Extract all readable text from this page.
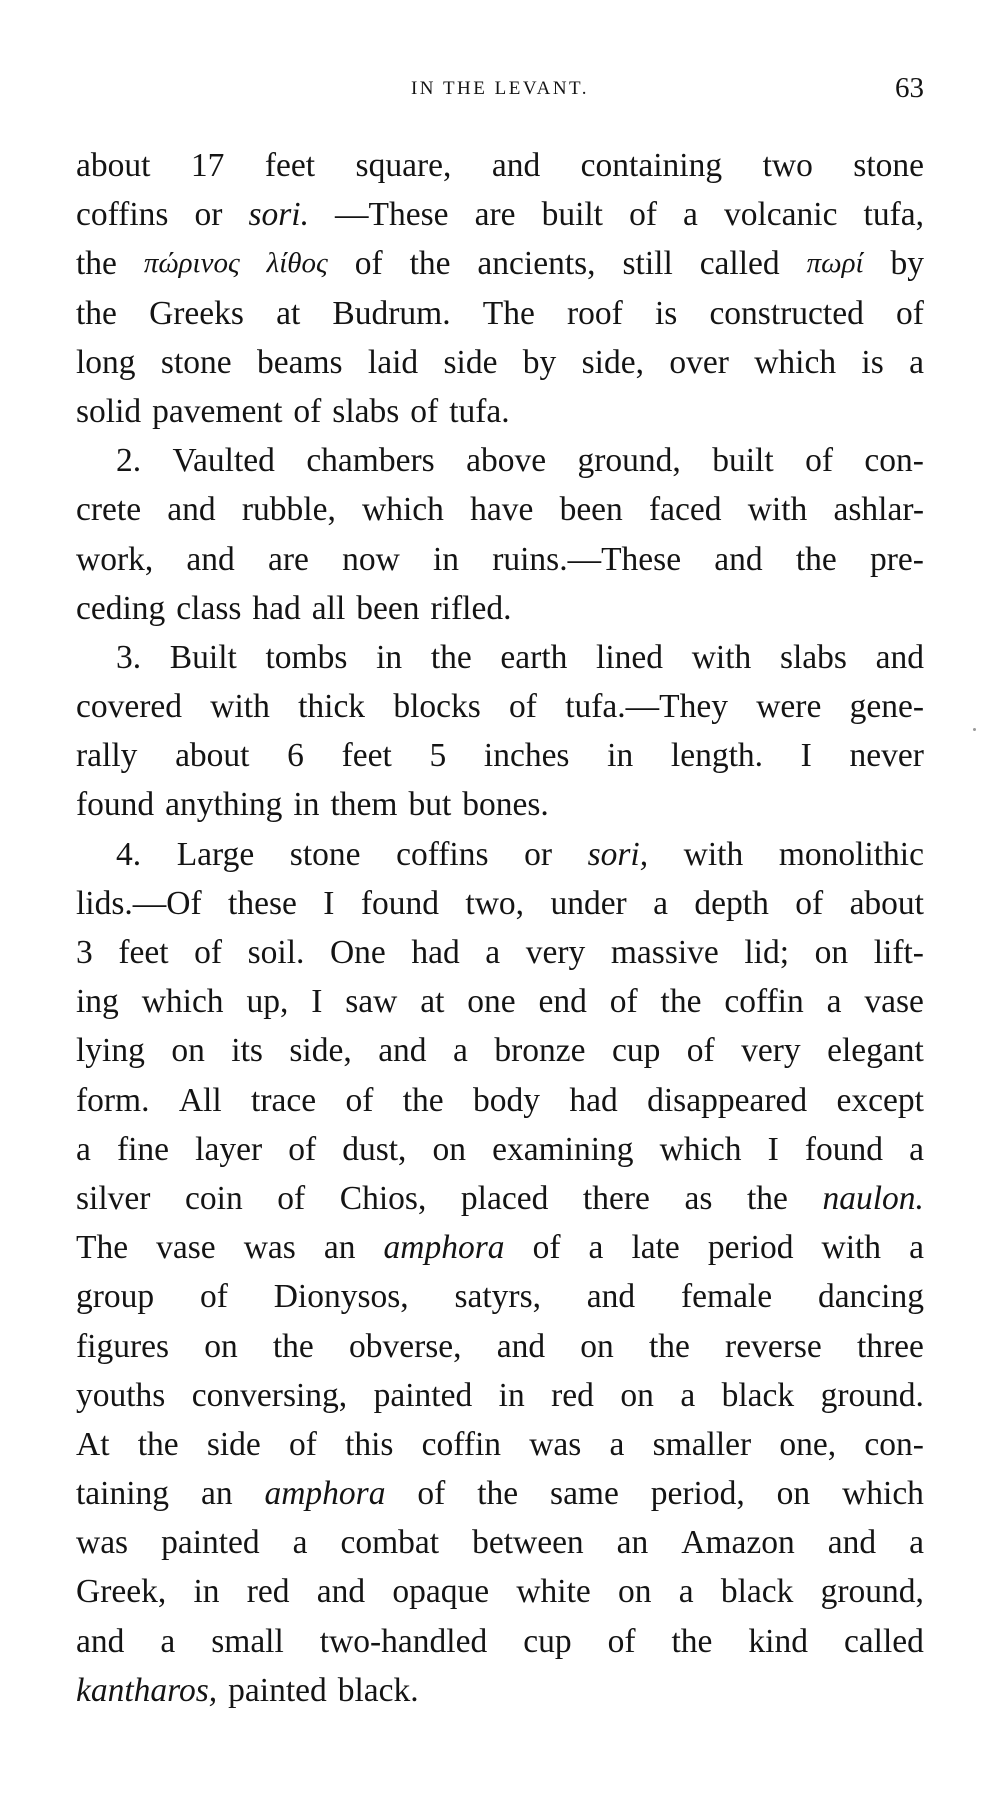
IN THE LEVANT.	63
about 17 feet square, and containing two stone
coffins or sori. —These are built of a volcanic tufa,
the πώρινος λίθος of the ancients, still called πωρί by
the Greeks at Budrum. The roof is constructed of
long stone beams laid side by side, over which is a
solid pavement of slabs of tufa.
2. Vaulted chambers above ground, built of con-
crete and rubble, which have been faced with ashlar-
work, and are now in ruins.—These and the pre-
ceding class had all been rifled.
3. Built tombs in the earth lined with slabs and
covered with thick blocks of tufa.—They were gene-
rally about 6 feet 5 inches in length. I never
found anything in them but bones.
4. Large stone coffins or sori, with monolithic
lids.—Of these I found two, under a depth of about
3 feet of soil. One had a very massive lid; on lift-
ing which up, I saw at one end of the coffin a vase
lying on its side, and a bronze cup of very elegant
form. All trace of the body had disappeared except
a fine layer of dust, on examining which I found a
silver coin of Chios, placed there as the naulon.
The vase was an amphora of a late period with a
group of Dionysos, satyrs, and female dancing
figures on the obverse, and on the reverse three
youths conversing, painted in red on a black ground.
At the side of this coffin was a smaller one, con-
taining an amphora of the same period, on which
was painted a combat between an Amazon and a
Greek, in red and opaque white on a black ground,
and a small two-handled cup of the kind called
kantharos, painted black.
